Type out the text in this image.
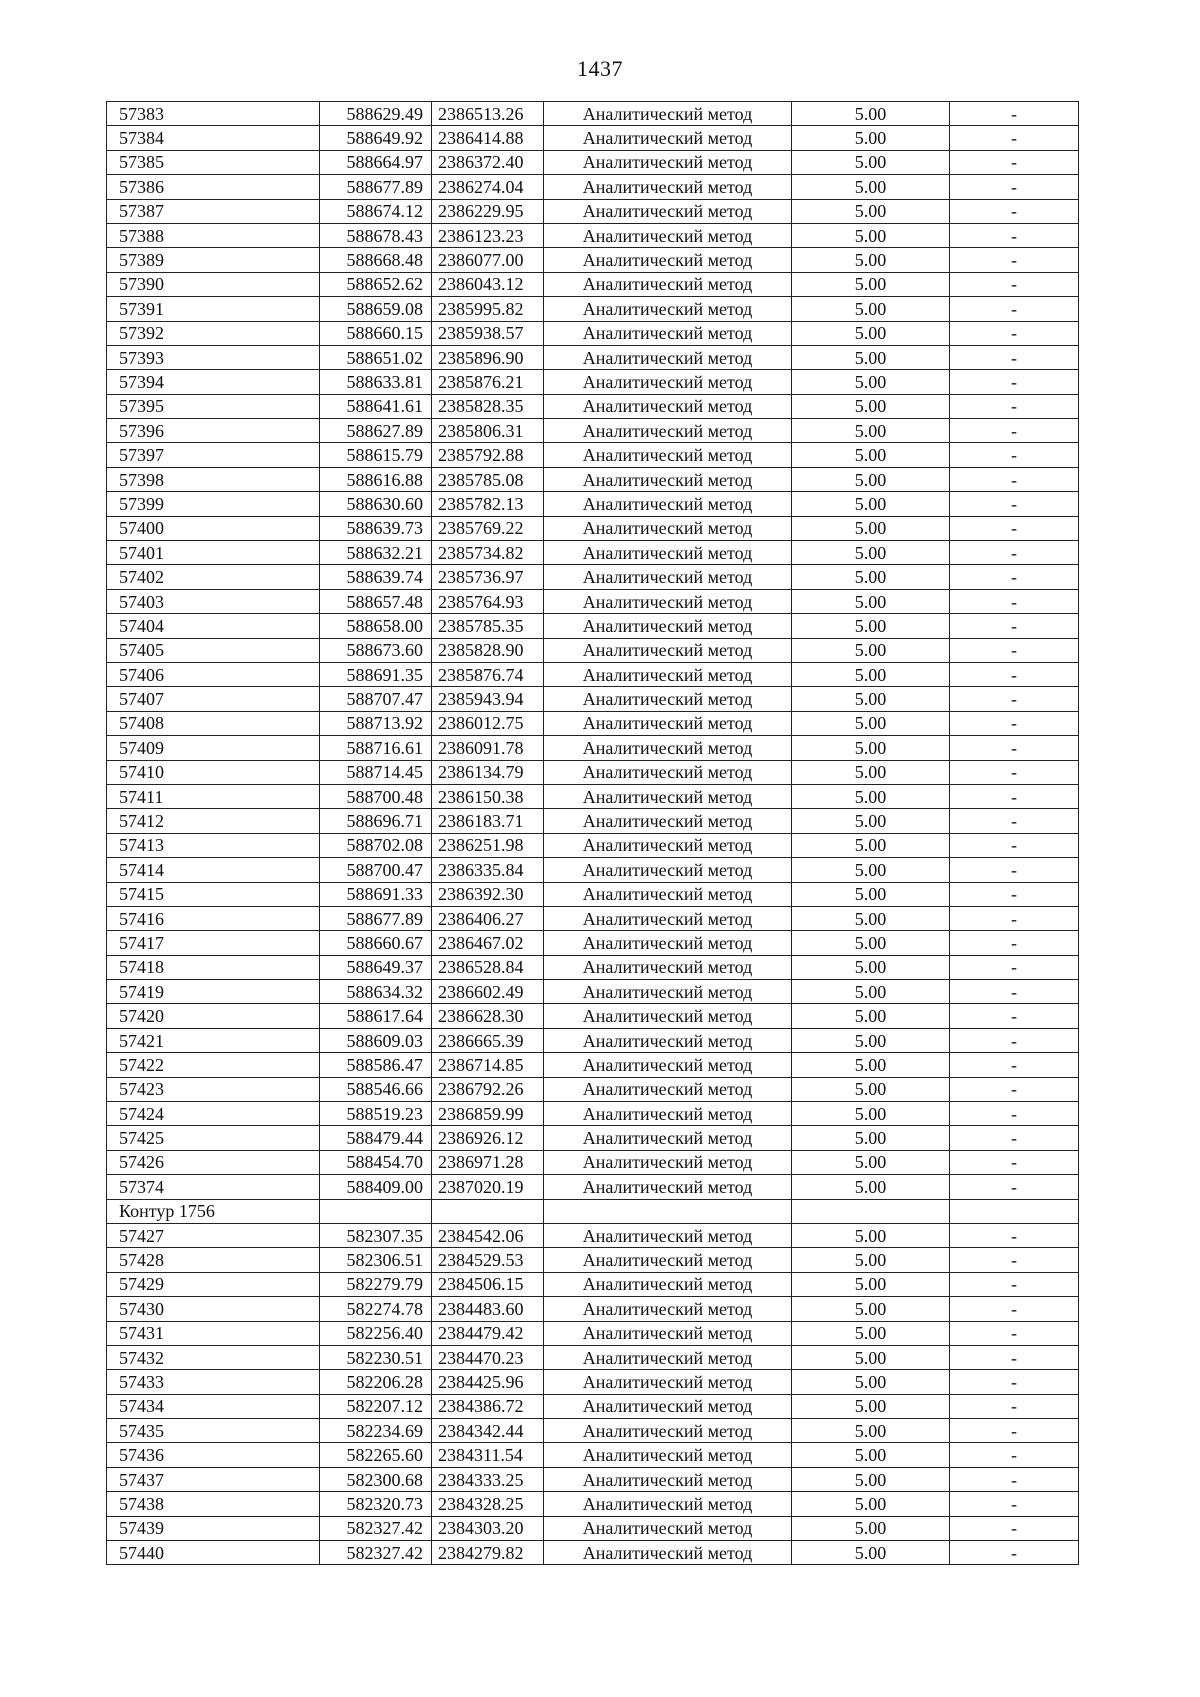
1437
57383	588629.49	2386513.26	Аналитический метод	5.00	-
57384	588649.92	2386414.88	Аналитический метод	5.00	-
57385	588664.97	2386372.40	Аналитический метод	5.00	-
57386	588677.89	2386274.04	Аналитический метод	5.00	-
57387	588674.12	2386229.95	Аналитический метод	5.00	-
57388	588678.43	2386123.23	Аналитический метод	5.00	-
57389	588668.48	2386077.00	Аналитический метод	5.00	-
57390	588652.62	2386043.12	Аналитический метод	5.00	-
57391	588659.08	2385995.82	Аналитический метод	5.00	-
57392	588660.15	2385938.57	Аналитический метод	5.00	-
57393	588651.02	2385896.90	Аналитический метод	5.00	-
57394	588633.81	2385876.21	Аналитический метод	5.00	-
57395	588641.61	2385828.35	Аналитический метод	5.00	-
57396	588627.89	2385806.31	Аналитический метод	5.00	-
57397	588615.79	2385792.88	Аналитический метод	5.00	-
57398	588616.88	2385785.08	Аналитический метод	5.00	-
57399	588630.60	2385782.13	Аналитический метод	5.00	-
57400	588639.73	2385769.22	Аналитический метод	5.00	-
57401	588632.21	2385734.82	Аналитический метод	5.00	-
57402	588639.74	2385736.97	Аналитический метод	5.00	-
57403	588657.48	2385764.93	Аналитический метод	5.00	-
57404	588658.00	2385785.35	Аналитический метод	5.00	-
57405	588673.60	2385828.90	Аналитический метод	5.00	-
57406	588691.35	2385876.74	Аналитический метод	5.00	-
57407	588707.47	2385943.94	Аналитический метод	5.00	-
57408	588713.92	2386012.75	Аналитический метод	5.00	-
57409	588716.61	2386091.78	Аналитический метод	5.00	-
57410	588714.45	2386134.79	Аналитический метод	5.00	-
57411	588700.48	2386150.38	Аналитический метод	5.00	-
57412	588696.71	2386183.71	Аналитический метод	5.00	-
57413	588702.08	2386251.98	Аналитический метод	5.00	-
57414	588700.47	2386335.84	Аналитический метод	5.00	-
57415	588691.33	2386392.30	Аналитический метод	5.00	-
57416	588677.89	2386406.27	Аналитический метод	5.00	-
57417	588660.67	2386467.02	Аналитический метод	5.00	-
57418	588649.37	2386528.84	Аналитический метод	5.00	-
57419	588634.32	2386602.49	Аналитический метод	5.00	-
57420	588617.64	2386628.30	Аналитический метод	5.00	-
57421	588609.03	2386665.39	Аналитический метод	5.00	-
57422	588586.47	2386714.85	Аналитический метод	5.00	-
57423	588546.66	2386792.26	Аналитический метод	5.00	-
57424	588519.23	2386859.99	Аналитический метод	5.00	-
57425	588479.44	2386926.12	Аналитический метод	5.00	-
57426	588454.70	2386971.28	Аналитический метод	5.00	-
57374	588409.00	2387020.19	Аналитический метод	5.00	-
Контур 1756					
57427	582307.35	2384542.06	Аналитический метод	5.00	-
57428	582306.51	2384529.53	Аналитический метод	5.00	-
57429	582279.79	2384506.15	Аналитический метод	5.00	-
57430	582274.78	2384483.60	Аналитический метод	5.00	-
57431	582256.40	2384479.42	Аналитический метод	5.00	-
57432	582230.51	2384470.23	Аналитический метод	5.00	-
57433	582206.28	2384425.96	Аналитический метод	5.00	-
57434	582207.12	2384386.72	Аналитический метод	5.00	-
57435	582234.69	2384342.44	Аналитический метод	5.00	-
57436	582265.60	2384311.54	Аналитический метод	5.00	-
57437	582300.68	2384333.25	Аналитический метод	5.00	-
57438	582320.73	2384328.25	Аналитический метод	5.00	-
57439	582327.42	2384303.20	Аналитический метод	5.00	-
57440	582327.42	2384279.82	Аналитический метод	5.00	-
